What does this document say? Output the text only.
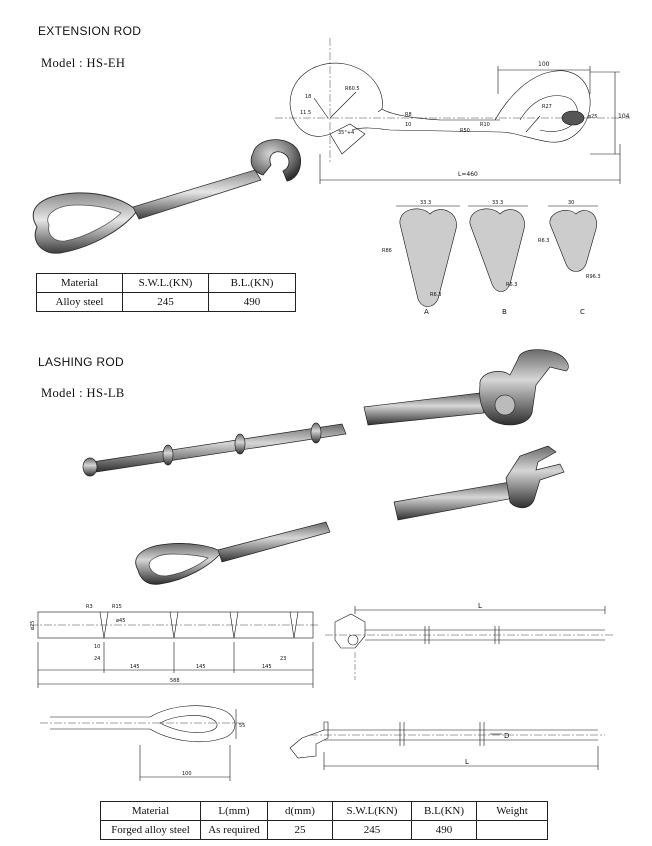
EXTENSION ROD
Model : HS-EH
L=460
100
104
R60.5
R50
R10
R27
ø25
18
11.5
35°+4
R8
10
33.3	33.3	30
R86
R6.3
R6.3
R6.3
R96.3
A	B	C
Material	S.W.L.(KN)	B.L.(KN)
Alloy steel	245	490
LASHING ROD
Model : HS-LB
ø25	ø45
R3	R15
10
24	23
145	145	145
588
L
100
55
D
L
Material	L(mm)	d(mm)	S.W.L(KN)	B.L(KN)	Weight
Forged alloy steel	As required	25	245	490	
